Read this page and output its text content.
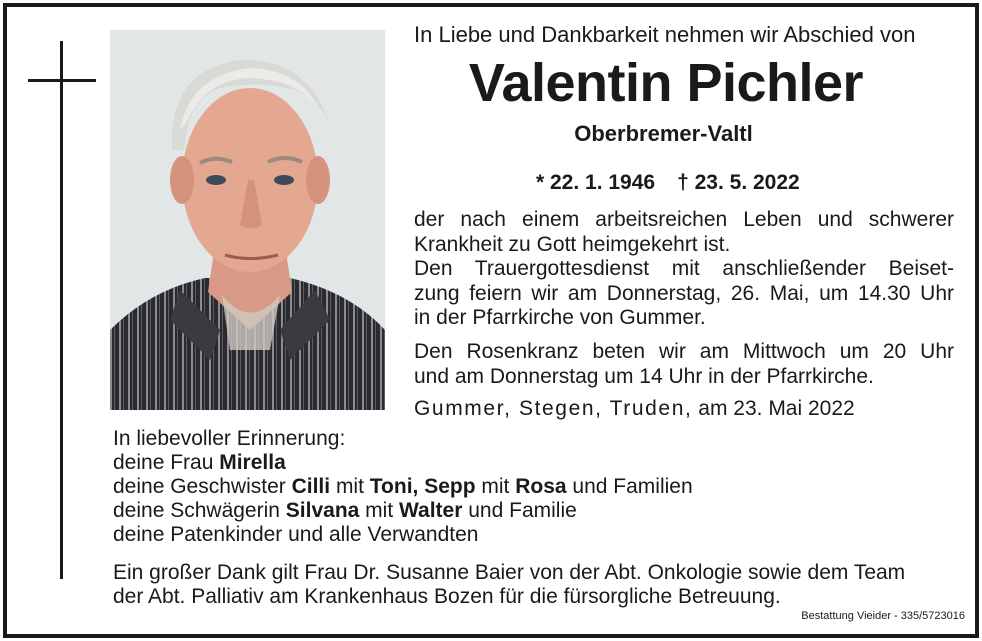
In Liebe und Dankbarkeit nehmen wir Abschied von
Valentin Pichler
Oberbremer-Valtl
* 22. 1. 1946 † 23. 5. 2022
der nach einem arbeitsreichen Leben und schwerer
Krankheit zu Gott heimgekehrt ist.
Den Trauergottesdienst mit anschließender Beiset-
zung feiern wir am Donnerstag, 26. Mai, um 14.30 Uhr
in der Pfarrkirche von Gummer.
Den Rosenkranz beten wir am Mittwoch um 20 Uhr
und am Donnerstag um 14 Uhr in der Pfarrkirche.
Gummer, Stegen, Truden, am 23. Mai 2022
In liebevoller Erinnerung:
deine Frau Mirella
deine Geschwister Cilli mit Toni, Sepp mit Rosa und Familien
deine Schwägerin Silvana mit Walter und Familie
deine Patenkinder und alle Verwandten
Ein großer Dank gilt Frau Dr. Susanne Baier von der Abt. Onkologie sowie dem Team
der Abt. Palliativ am Krankenhaus Bozen für die fürsorgliche Betreuung.
Bestattung Vieider - 335/5723016
